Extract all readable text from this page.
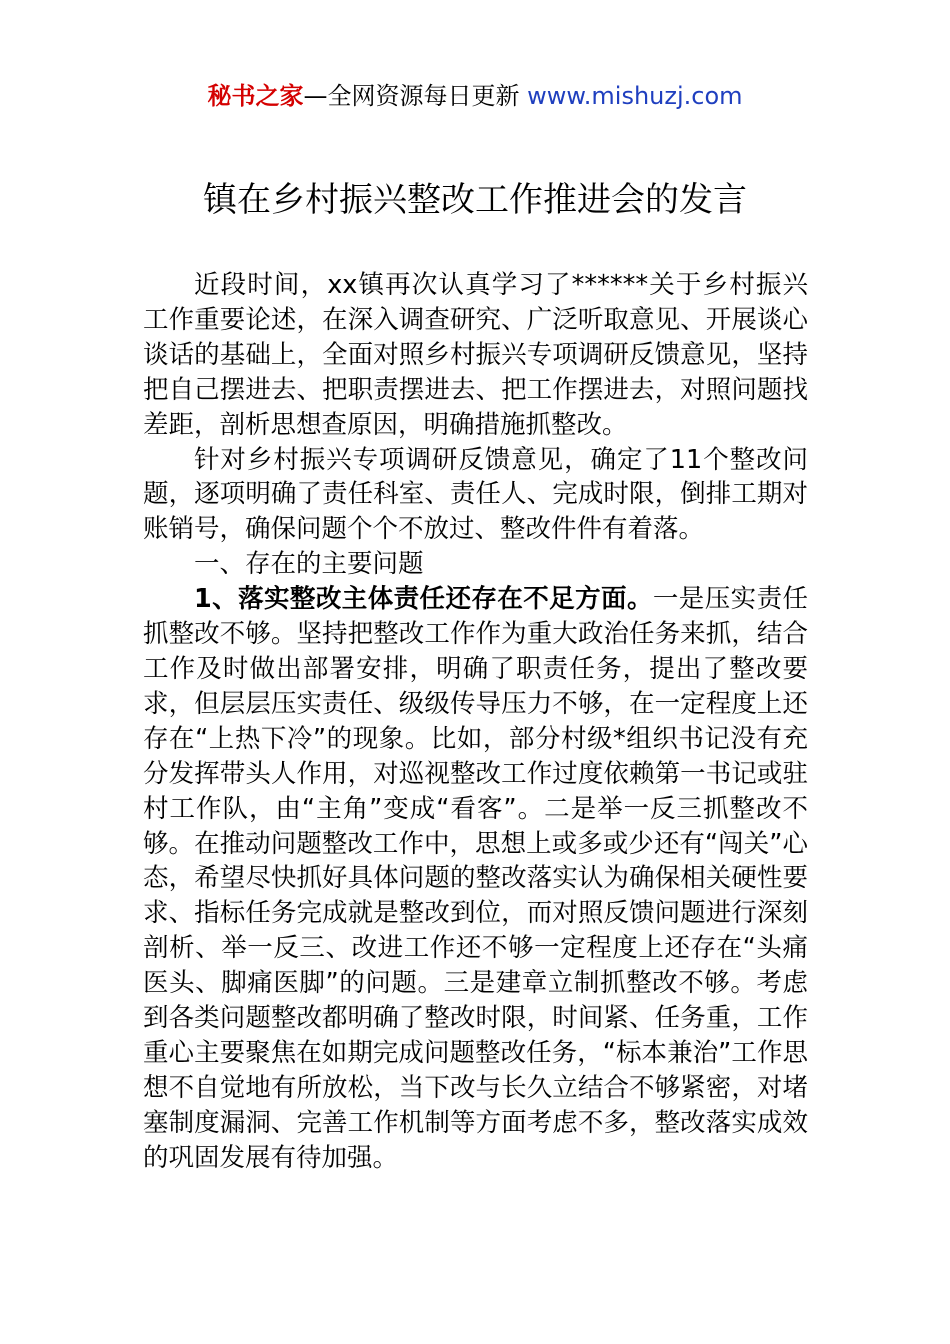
秘书之家—全网资源每日更新 www.mishuzj.com
镇在乡村振兴整改工作推进会的发言

近段时间，xx镇再次认真学习了******关于乡村振兴工作重要论述，在深入调查研究、广泛听取意见、开展谈心谈话的基础上，全面对照乡村振兴专项调研反馈意见，坚持把自己摆进去、把职责摆进去、把工作摆进去，对照问题找差距，剖析思想查原因，明确措施抓整改。

针对乡村振兴专项调研反馈意见，确定了11个整改问题，逐项明确了责任科室、责任人、完成时限，倒排工期对账销号，确保问题个个不放过、整改件件有着落。

一、存在的主要问题

1、落实整改主体责任还存在不足方面。一是压实责任抓整改不够。坚持把整改工作作为重大政治任务来抓，结合工作及时做出部署安排，明确了职责任务，提出了整改要求，但层层压实责任、级级传导压力不够，在一定程度上还存在“上热下冷”的现象。比如，部分村级*组织书记没有充分发挥带头人作用，对巡视整改工作过度依赖第一书记或驻村工作队，由“主角”变成“看客”。二是举一反三抓整改不够。在推动问题整改工作中，思想上或多或少还有“闯关”心态，希望尽快抓好具体问题的整改落实认为确保相关硬性要求、指标任务完成就是整改到位，而对照反馈问题进行深刻剖析、举一反三、改进工作还不够一定程度上还存在“头痛医头、脚痛医脚”的问题。三是建章立制抓整改不够。考虑到各类问题整改都明确了整改时限，时间紧、任务重，工作重心主要聚焦在如期完成问题整改任务，“标本兼治”工作思想不自觉地有所放松，当下改与长久立结合不够紧密，对堵塞制度漏洞、完善工作机制等方面考虑不多，整改落实成效的巩固发展有待加强。
